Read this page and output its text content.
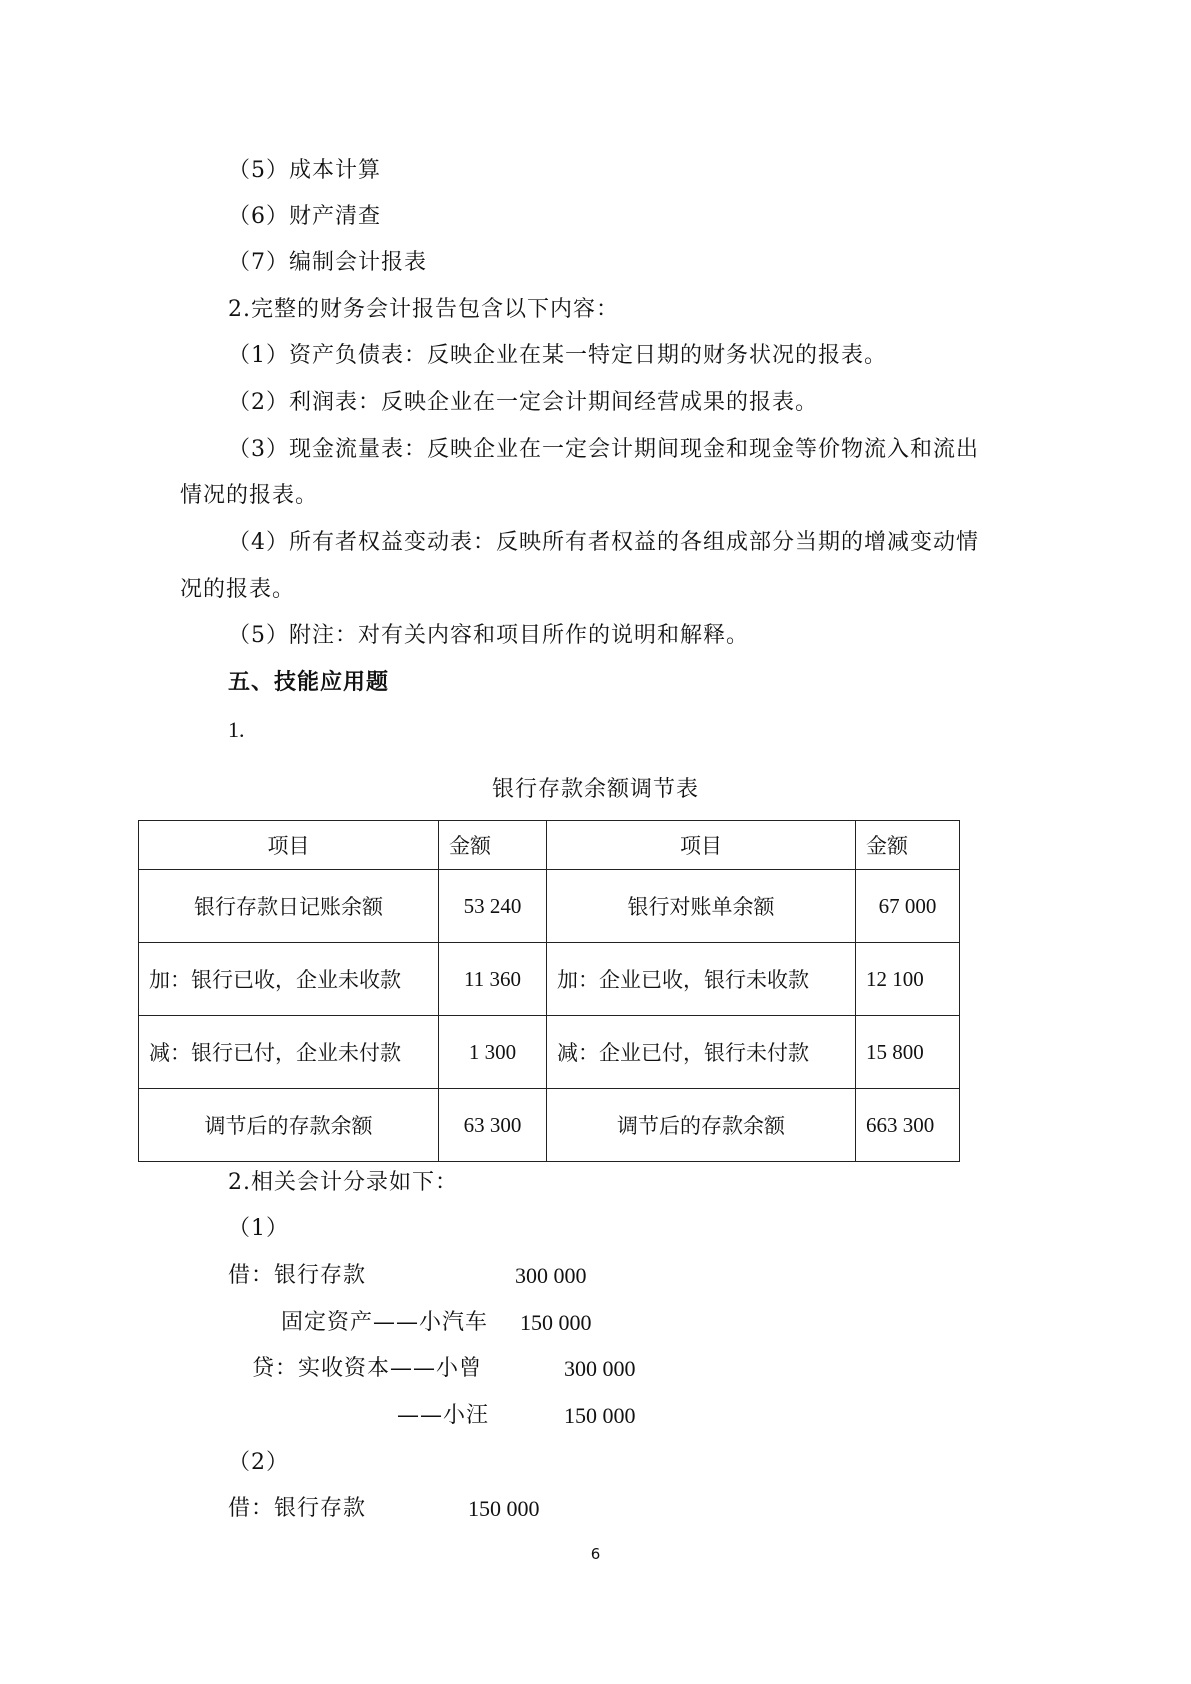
（5）成本计算
（6）财产清查
（7）编制会计报表
2.完整的财务会计报告包含以下内容：
（1）资产负债表：反映企业在某一特定日期的财务状况的报表。
（2）利润表：反映企业在一定会计期间经营成果的报表。
（3）现金流量表：反映企业在一定会计期间现金和现金等价物流入和流出
情况的报表。
（4）所有者权益变动表：反映所有者权益的各组成部分当期的增减变动情
况的报表。
（5）附注：对有关内容和项目所作的说明和解释。
五、技能应用题
1.
银行存款余额调节表
项目	金额	项目	金额
银行存款日记账余额	53 240	银行对账单余额	67 000
加：银行已收，企业未收款	11 360	加：企业已收，银行未收款	12 100
减：银行已付，企业未付款	1 300	减：企业已付，银行未付款	15 800
调节后的存款余额	63 300	调节后的存款余额	663 300
2.相关会计分录如下：
（1）
借：银行存款	300 000
固定资产——小汽车 150 000
贷：实收资本——小曾	300 000
——小汪	150 000
（2）
借：银行存款	150 000
6
